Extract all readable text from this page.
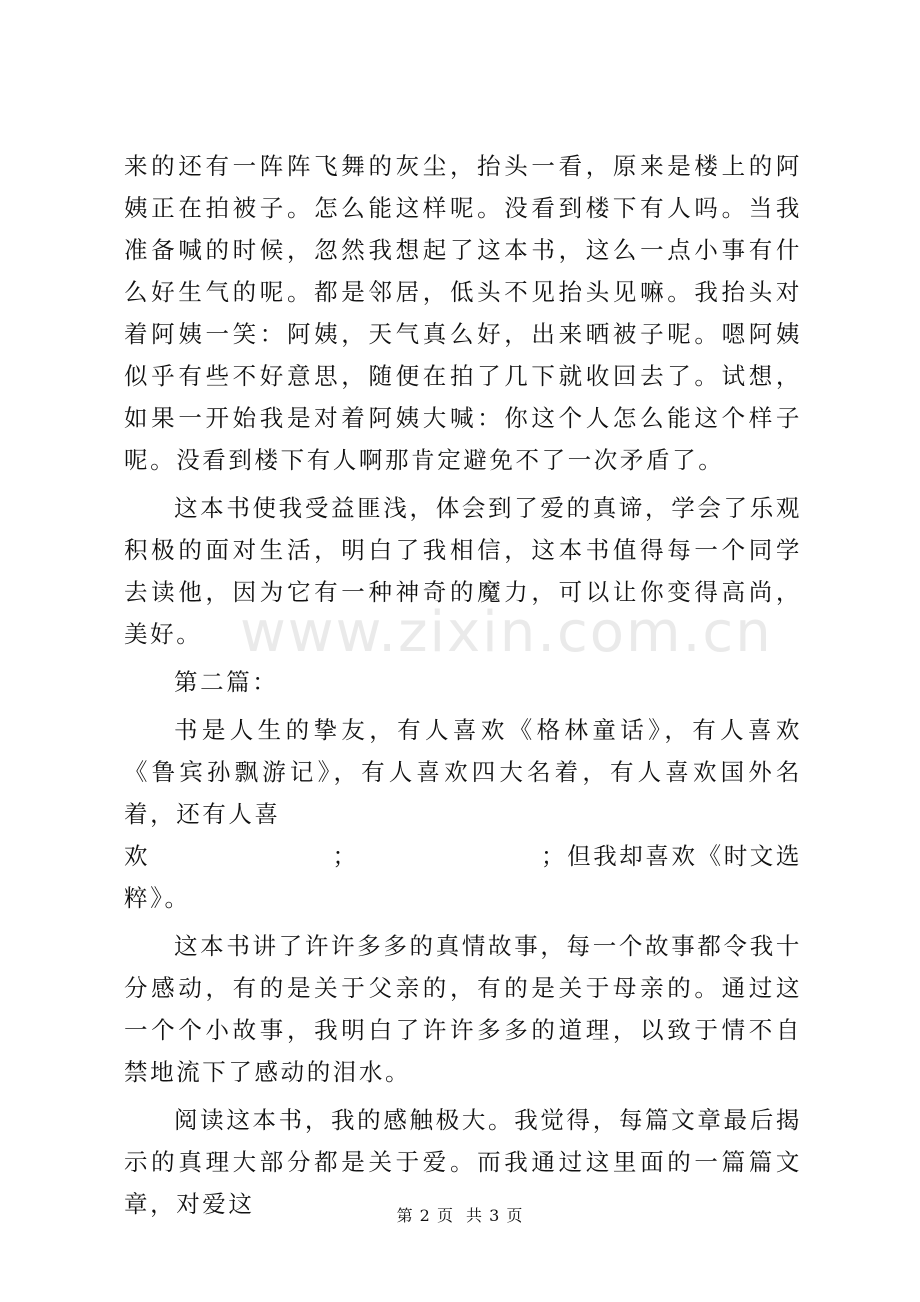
来的还有一阵阵飞舞的灰尘，抬头一看，原来是楼上的阿姨正在拍被子。怎么能这样呢。没看到楼下有人吗。当我准备喊的时候，忽然我想起了这本书，这么一点小事有什么好生气的呢。都是邻居，低头不见抬头见嘛。我抬头对着阿姨一笑：阿姨，天气真么好，出来晒被子呢。嗯阿姨似乎有些不好意思，随便在拍了几下就收回去了。试想，如果一开始我是对着阿姨大喊：你这个人怎么能这个样子呢。没看到楼下有人啊那肯定避免不了一次矛盾了。

这本书使我受益匪浅，体会到了爱的真谛，学会了乐观积极的面对生活，明白了我相信，这本书值得每一个同学去读他，因为它有一种神奇的魔力，可以让你变得高尚，美好。

第二篇：

书是人生的挚友，有人喜欢《格林童话》，有人喜欢《鲁宾孙飘游记》，有人喜欢四大名着，有人喜欢国外名着，还有人喜

欢	；	；但我却喜欢《时文选

粹》。

这本书讲了许许多多的真情故事，每一个故事都令我十分感动，有的是关于父亲的，有的是关于母亲的。通过这一个个小故事，我明白了许许多多的道理，以致于情不自禁地流下了感动的泪水。

阅读这本书，我的感触极大。我觉得，每篇文章最后揭示的真理大部分都是关于爱。而我通过这里面的一篇篇文章，对爱这

www.zixin.com.cn
第 2 页 共 3 页
